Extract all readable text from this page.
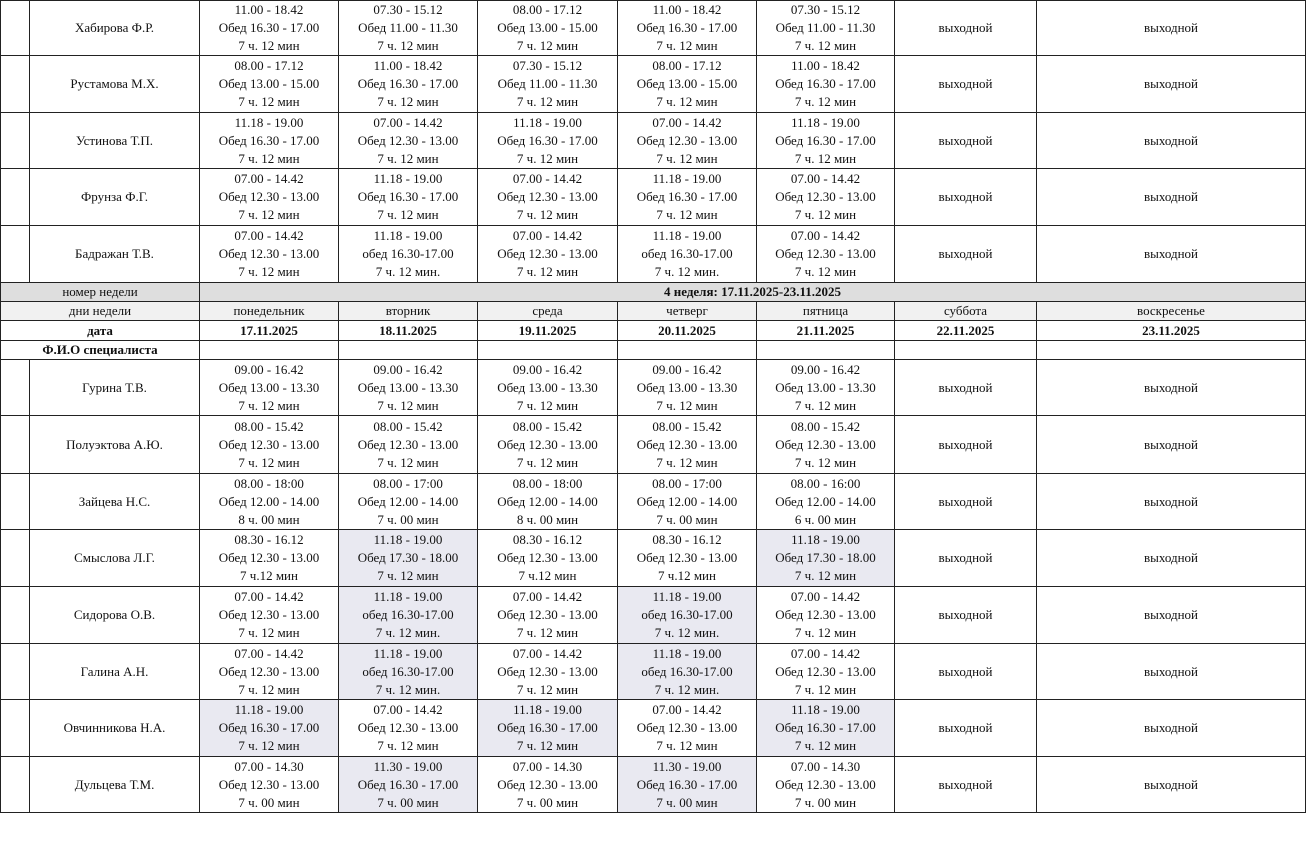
	Хабирова Ф.Р.	11.00 - 18.42
Обед 16.30 - 17.00
7 ч. 12 мин	07.30 - 15.12
Обед 11.00 - 11.30
7 ч. 12 мин	08.00 - 17.12
Обед 13.00 - 15.00
7 ч. 12 мин	11.00 - 18.42
Обед 16.30 - 17.00
7 ч. 12 мин	07.30 - 15.12
Обед 11.00 - 11.30
7 ч. 12 мин	выходной	выходной
	Рустамова М.Х.	08.00 - 17.12
Обед 13.00 - 15.00
7 ч. 12 мин	11.00 - 18.42
Обед 16.30 - 17.00
7 ч. 12 мин	07.30 - 15.12
Обед 11.00 - 11.30
7 ч. 12 мин	08.00 - 17.12
Обед 13.00 - 15.00
7 ч. 12 мин	11.00 - 18.42
Обед 16.30 - 17.00
7 ч. 12 мин	выходной	выходной
	Устинова Т.П.	11.18 - 19.00
Обед 16.30 - 17.00
7 ч. 12 мин	07.00 - 14.42
Обед 12.30 - 13.00
7 ч. 12 мин	11.18 - 19.00
Обед 16.30 - 17.00
7 ч. 12 мин	07.00 - 14.42
Обед 12.30 - 13.00
7 ч. 12 мин	11.18 - 19.00
Обед 16.30 - 17.00
7 ч. 12 мин	выходной	выходной
	Фрунза Ф.Г.	07.00 - 14.42
Обед 12.30 - 13.00
7 ч. 12 мин	11.18 - 19.00
Обед 16.30 - 17.00
7 ч. 12 мин	07.00 - 14.42
Обед 12.30 - 13.00
7 ч. 12 мин	11.18 - 19.00
Обед 16.30 - 17.00
7 ч. 12 мин	07.00 - 14.42
Обед 12.30 - 13.00
7 ч. 12 мин	выходной	выходной
	Бадражан Т.В.	07.00 - 14.42
Обед 12.30 - 13.00
7 ч. 12 мин	11.18 - 19.00
обед 16.30-17.00
7 ч. 12 мин.	07.00 - 14.42
Обед 12.30 - 13.00
7 ч. 12 мин	11.18 - 19.00
обед 16.30-17.00
7 ч. 12 мин.	07.00 - 14.42
Обед 12.30 - 13.00
7 ч. 12 мин	выходной	выходной
номер недели		4 неделя: 17.11.2025-23.11.2025						
дни недели		понедельник	вторник	среда	четверг	пятница	суббота	воскресенье
дата		17.11.2025	18.11.2025	19.11.2025	20.11.2025	21.11.2025	22.11.2025	23.11.2025
Ф.И.О специалиста								
	Гурина Т.В.	09.00 - 16.42
Обед 13.00 - 13.30
7 ч. 12 мин	09.00 - 16.42
Обед 13.00 - 13.30
7 ч. 12 мин	09.00 - 16.42
Обед 13.00 - 13.30
7 ч. 12 мин	09.00 - 16.42
Обед 13.00 - 13.30
7 ч. 12 мин	09.00 - 16.42
Обед 13.00 - 13.30
7 ч. 12 мин	выходной	выходной
	Полуэктова А.Ю.	08.00 - 15.42
Обед 12.30 - 13.00
7 ч. 12 мин	08.00 - 15.42
Обед 12.30 - 13.00
7 ч. 12 мин	08.00 - 15.42
Обед 12.30 - 13.00
7 ч. 12 мин	08.00 - 15.42
Обед 12.30 - 13.00
7 ч. 12 мин	08.00 - 15.42
Обед 12.30 - 13.00
7 ч. 12 мин	выходной	выходной
	Зайцева Н.С.	08.00 - 18:00
Обед 12.00 - 14.00
8 ч. 00 мин	08.00 - 17:00
Обед 12.00 - 14.00
7 ч. 00 мин	08.00 - 18:00
Обед 12.00 - 14.00
8 ч. 00 мин	08.00 - 17:00
Обед 12.00 - 14.00
7 ч. 00 мин	08.00 - 16:00
Обед 12.00 - 14.00
6 ч. 00 мин	выходной	выходной
	Смыслова Л.Г.	08.30 - 16.12
Обед 12.30 - 13.00
7 ч.12 мин	11.18 - 19.00
Обед 17.30 - 18.00
7 ч. 12 мин	08.30 - 16.12
Обед 12.30 - 13.00
7 ч.12 мин	08.30 - 16.12
Обед 12.30 - 13.00
7 ч.12 мин	11.18 - 19.00
Обед 17.30 - 18.00
7 ч. 12 мин	выходной	выходной
	Сидорова О.В.	07.00 - 14.42
Обед 12.30 - 13.00
7 ч. 12 мин	11.18 - 19.00
обед 16.30-17.00
7 ч. 12 мин.	07.00 - 14.42
Обед 12.30 - 13.00
7 ч. 12 мин	11.18 - 19.00
обед 16.30-17.00
7 ч. 12 мин.	07.00 - 14.42
Обед 12.30 - 13.00
7 ч. 12 мин	выходной	выходной
	Галина А.Н.	07.00 - 14.42
Обед 12.30 - 13.00
7 ч. 12 мин	11.18 - 19.00
обед 16.30-17.00
7 ч. 12 мин.	07.00 - 14.42
Обед 12.30 - 13.00
7 ч. 12 мин	11.18 - 19.00
обед 16.30-17.00
7 ч. 12 мин.	07.00 - 14.42
Обед 12.30 - 13.00
7 ч. 12 мин	выходной	выходной
	Овчинникова Н.А.	11.18 - 19.00
Обед 16.30 - 17.00
7 ч. 12 мин	07.00 - 14.42
Обед 12.30 - 13.00
7 ч. 12 мин	11.18 - 19.00
Обед 16.30 - 17.00
7 ч. 12 мин	07.00 - 14.42
Обед 12.30 - 13.00
7 ч. 12 мин	11.18 - 19.00
Обед 16.30 - 17.00
7 ч. 12 мин	выходной	выходной
	Дульцева Т.М.	07.00 - 14.30
Обед 12.30 - 13.00
7 ч. 00 мин	11.30 - 19.00
Обед 16.30 - 17.00
7 ч. 00 мин	07.00 - 14.30
Обед 12.30 - 13.00
7 ч. 00 мин	11.30 - 19.00
Обед 16.30 - 17.00
7 ч. 00 мин	07.00 - 14.30
Обед 12.30 - 13.00
7 ч. 00 мин	выходной	выходной
